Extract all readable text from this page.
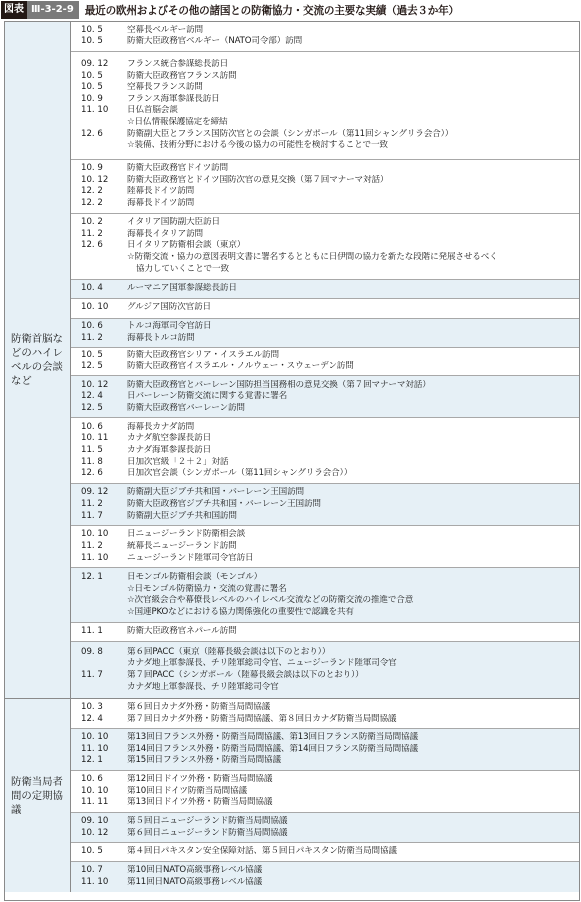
図表 Ⅲ-3-2-9	最近の欧州およびその他の諸国との防衛協力・交流の主要な実績（過去３か年）
防衛首脳な
どのハイレ
ベルの会談
など
10. 5	空幕長ベルギー訪問
10. 5	防衛大臣政務官ベルギー（NATO司令部）訪問
09. 12	フランス統合参謀総長訪日
10. 5	防衛大臣政務官フランス訪問
10. 5	空幕長フランス訪問
10. 9	フランス海軍参謀長訪日
11. 10	日仏首脳会談
☆日仏情報保護協定を締結
12. 6	防衛副大臣とフランス国防次官との会談（シンガポール（第11回シャングリラ会合））
☆装備、技術分野における今後の協力の可能性を検討することで一致
10. 9	防衛大臣政務官ドイツ訪問
10. 12	防衛大臣政務官とドイツ国防次官の意見交換（第７回マナーマ対話）
12. 2	陸幕長ドイツ訪問
12. 2	海幕長ドイツ訪問
10. 2	イタリア国防副大臣訪日
11. 2	海幕長イタリア訪問
12. 6	日イタリア防衛相会談（東京）
☆防衛交流・協力の意図表明文書に署名するとともに日伊間の協力を新たな段階に発展させるべく
協力していくことで一致
10. 4	ルーマニア国軍参謀総長訪日
10. 10	グルジア国防次官訪日
10. 6	トルコ海軍司令官訪日
11. 2	海幕長トルコ訪問
10. 5	防衛大臣政務官シリア・イスラエル訪問
12. 5	防衛大臣政務官イスラエル・ノルウェー・スウェーデン訪問
10. 12	防衛大臣政務官とバーレーン国防担当国務相の意見交換（第７回マナーマ対話）
12. 4	日バーレーン防衛交流に関する覚書に署名
12. 5	防衛大臣政務官バーレーン訪問
10. 6	海幕長カナダ訪問
10. 11	カナダ航空参謀長訪日
11. 5	カナダ海軍参謀長訪日
11. 8	日加次官級「２＋２」対話
12. 6	日加次官会談（シンガポール（第11回シャングリラ会合））
09. 12	防衛副大臣ジブチ共和国・バーレーン王国訪問
11. 2	防衛大臣政務官ジブチ共和国・バーレーン王国訪問
11. 7	防衛副大臣ジブチ共和国訪問
10. 10	日ニュージーランド防衛相会談
11. 2	統幕長ニュージーランド訪問
11. 10	ニュージーランド陸軍司令官訪日
12. 1	日モンゴル防衛相会談（モンゴル）
☆日モンゴル防衛協力・交流の覚書に署名
☆次官級会合や幕僚長レベルのハイレベル交流などの防衛交流の推進で合意
☆国連PKOなどにおける協力関係強化の重要性で認識を共有
11. 1	防衛大臣政務官ネパール訪問
09. 8	第６回PACC（東京（陸幕長級会談は以下のとおり））
カナダ地上軍参謀長、チリ陸軍総司令官、ニュージーランド陸軍司令官
11. 7	第７回PACC（シンガポール（陸幕長級会談は以下のとおり））
カナダ地上軍参謀長、チリ陸軍総司令官
防衛当局者
間の定期協
議
10. 3	第６回日カナダ外務・防衛当局間協議
12. 4	第７回日カナダ外務・防衛当局間協議、第８回日カナダ防衛当局間協議
10. 10	第13回日フランス外務・防衛当局間協議、第13回日フランス防衛当局間協議
11. 10	第14回日フランス外務・防衛当局間協議、第14回日フランス防衛当局間協議
12. 1	第15回日フランス外務・防衛当局間協議
10. 6	第12回日ドイツ外務・防衛当局間協議
10. 10	第10回日ドイツ防衛当局間協議
11. 11	第13回日ドイツ外務・防衛当局間協議
09. 10	第５回日ニュージーランド防衛当局間協議
10. 12	第６回日ニュージーランド防衛当局間協議
10. 5	第４回日パキスタン安全保障対話、第５回日パキスタン防衛当局間協議
10. 7	第10回日NATO高級事務レベル協議
11. 10	第11回日NATO高級事務レベル協議
